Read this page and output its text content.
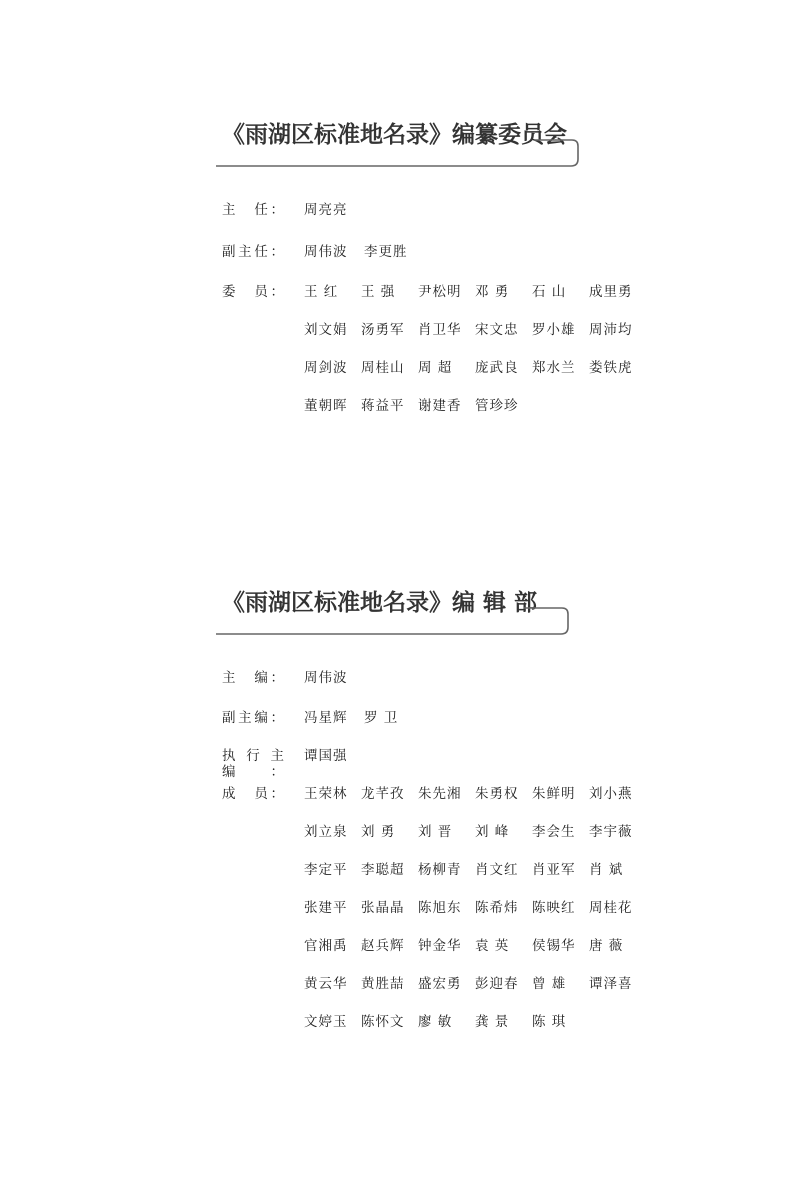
《雨湖区标准地名录》编纂委员会
主　任：	周亮亮
副主任：	周伟波	李更胜
委　员：	王 红	王 强	尹松明	邓 勇	石 山	成里勇
刘文娟	汤勇军	肖卫华	宋文忠	罗小雄	周沛均
周剑波	周桂山	周 超	庞武良	郑水兰	娄铁虎
董朝晖	蒋益平	谢建香	管珍珍
《雨湖区标准地名录》编 辑 部
主　编：	周伟波
副主编：	冯星辉	罗 卫
执行主编：
谭国强
成　员：	王荣林	龙芊孜	朱先湘	朱勇权	朱鲜明	刘小燕
刘立泉	刘 勇	刘 晋	刘 峰	李会生	李宇薇
李定平	李聪超	杨柳青	肖文红	肖亚军	肖 斌
张建平	张晶晶	陈旭东	陈希炜	陈映红	周桂花
官湘禹	赵兵辉	钟金华	袁 英	侯锡华	唐 薇
黄云华	黄胜喆	盛宏勇	彭迎春	曾 雄	谭泽喜
文婷玉	陈怀文	廖 敏	龚 景	陈 琪
